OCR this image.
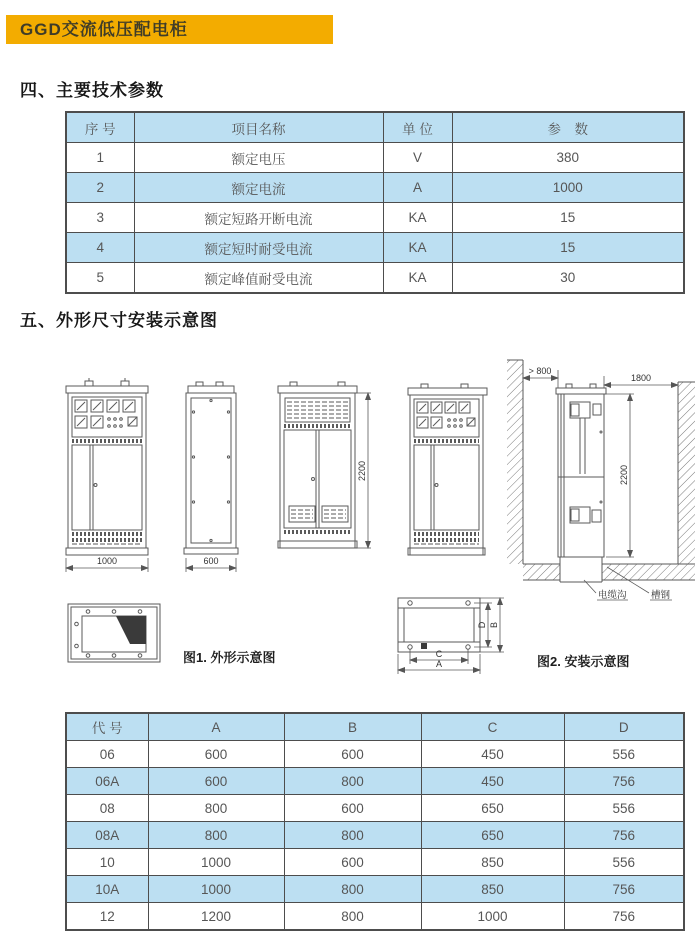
GGD交流低压配电柜
四、主要技术参数
序 号	项目名称	单 位	参　数
1	额定电压	V	380
2	额定电流	A	1000
3	额定短路开断电流	KA	15
4	额定短时耐受电流	KA	15
5	额定峰值耐受电流	KA	30
五、外形尺寸安装示意图
1000	600
2200
> 800
1800
2200
电缆沟	槽钢
图1. 外形示意图
D B
C
A	图2. 安装示意图
代 号	A	B	C	D
06	600	600	450	556
06A	600	800	450	756
08	800	600	650	556
08A	800	800	650	756
10	1000	600	850	556
10A	1000	800	850	756
12	1200	800	1000	756
